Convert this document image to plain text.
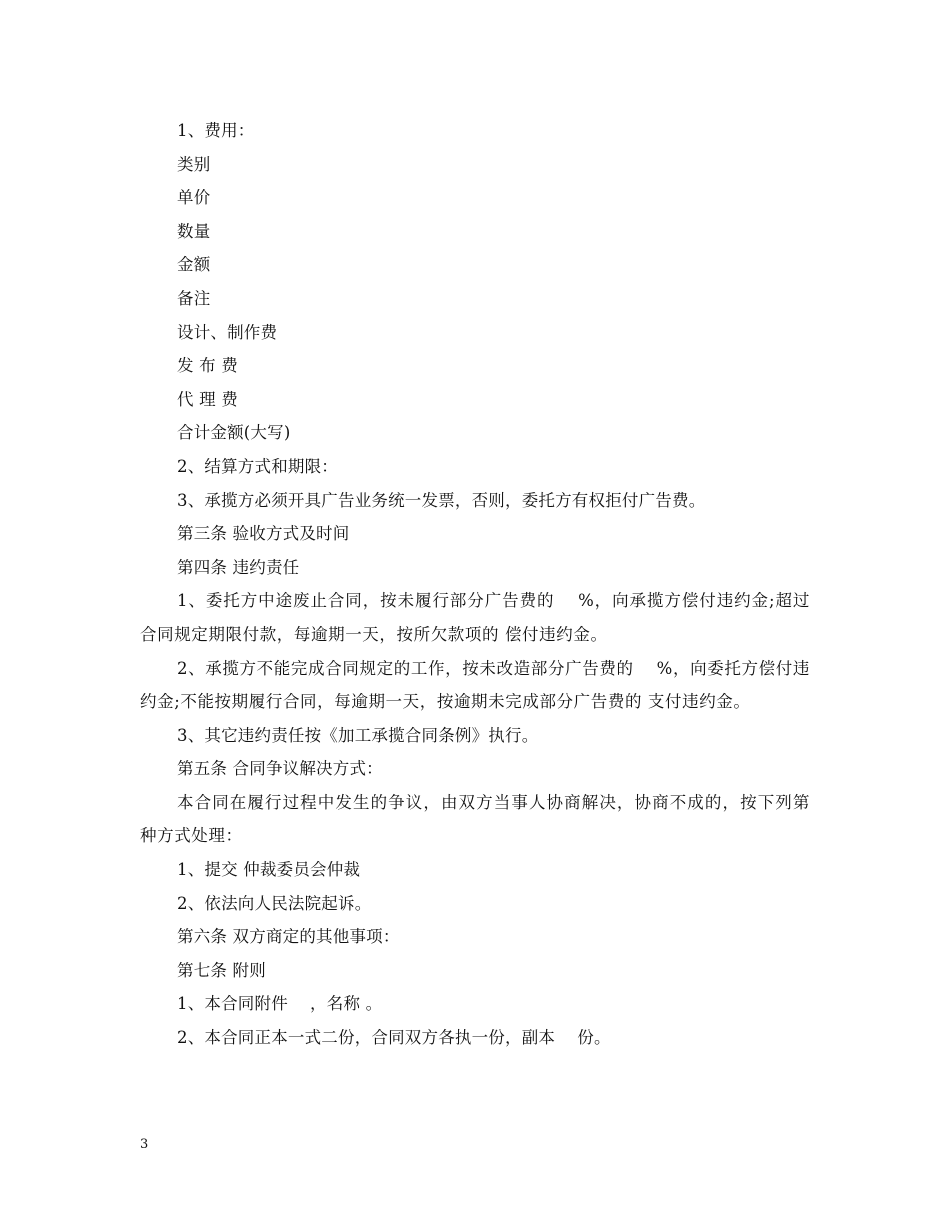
1、费用：
类别
单价
数量
金额
备注
设计、制作费
发 布 费
代 理 费
合计金额(大写)
2、结算方式和期限：
3、承揽方必须开具广告业务统一发票，否则，委托方有权拒付广告费。
第三条 验收方式及时间
第四条 违约责任
1、委托方中途废止合同，按未履行部分广告费的 　%，向承揽方偿付违约金;超过合同规定期限付款，每逾期一天，按所欠款项的 偿付违约金。
2、承揽方不能完成合同规定的工作，按未改造部分广告费的 　%，向委托方偿付违约金;不能按期履行合同，每逾期一天，按逾期未完成部分广告费的 支付违约金。
3、其它违约责任按《加工承揽合同条例》执行。
第五条 合同争议解决方式：
本合同在履行过程中发生的争议，由双方当事人协商解决，协商不成的，按下列第 种方式处理：
1、提交 仲裁委员会仲裁
2、依法向人民法院起诉。
第六条 双方商定的其他事项：
第七条 附则
1、本合同附件　 ，名称 。
2、本合同正本一式二份，合同双方各执一份，副本　 份。
3
